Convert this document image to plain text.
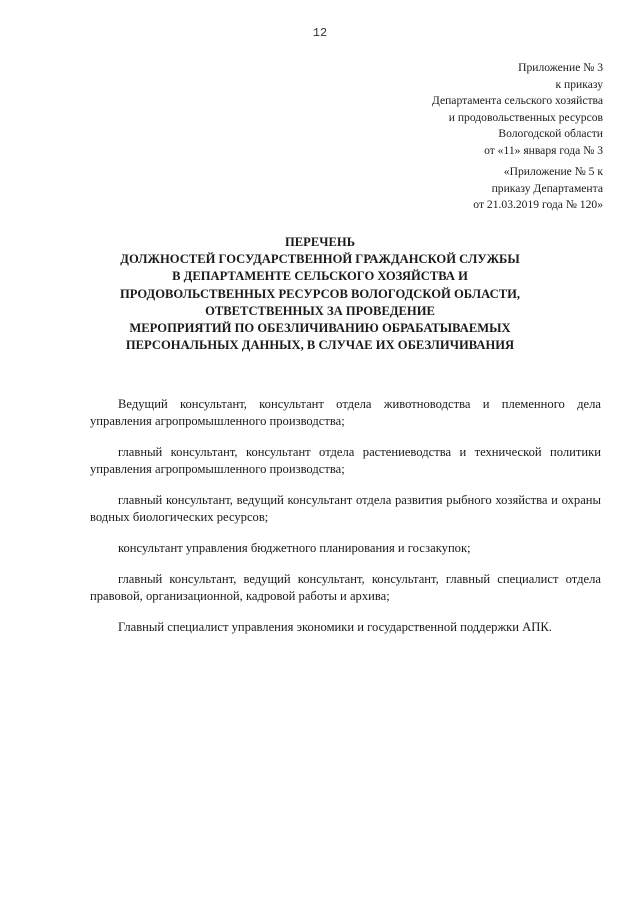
12
Приложение № 3
к приказу
Департамента сельского хозяйства
и продовольственных ресурсов
Вологодской области
от «11» января года № 3
«Приложение № 5 к
приказу Департамента
от 21.03.2019 года № 120»
ПЕРЕЧЕНЬ
ДОЛЖНОСТЕЙ ГОСУДАРСТВЕННОЙ ГРАЖДАНСКОЙ СЛУЖБЫ
В ДЕПАРТАМЕНТЕ СЕЛЬСКОГО ХОЗЯЙСТВА И
ПРОДОВОЛЬСТВЕННЫХ РЕСУРСОВ ВОЛОГОДСКОЙ ОБЛАСТИ,
ОТВЕТСТВЕННЫХ ЗА ПРОВЕДЕНИЕ
МЕРОПРИЯТИЙ ПО ОБЕЗЛИЧИВАНИЮ ОБРАБАТЫВАЕМЫХ
ПЕРСОНАЛЬНЫХ ДАННЫХ, В СЛУЧАЕ ИХ ОБЕЗЛИЧИВАНИЯ

Ведущий консультант, консультант отдела животноводства и племенного дела управления агропромышленного производства;

главный консультант, консультант отдела растениеводства и технической политики управления агропромышленного производства;

главный консультант, ведущий консультант отдела развития рыбного хозяйства и охраны водных биологических ресурсов;

консультант управления бюджетного планирования и госзакупок;

главный консультант, ведущий консультант, консультант, главный специалист отдела правовой, организационной, кадровой работы и архива;

Главный специалист управления экономики и государственной поддержки АПК.
